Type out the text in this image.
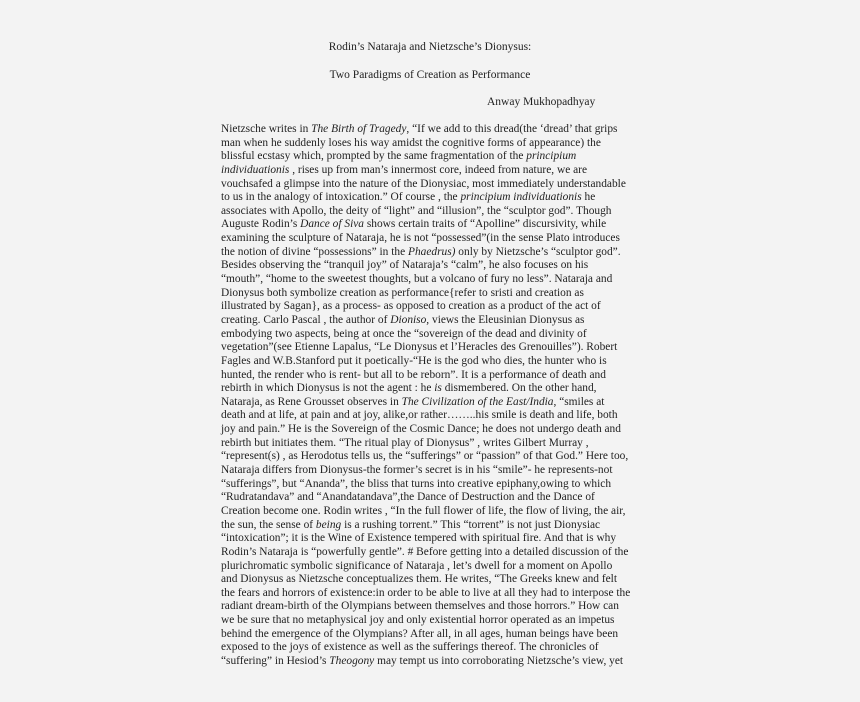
Rodin’s Nataraja and Nietzsche’s Dionysus:
Two Paradigms of Creation as Performance
Anway Mukhopadhyay
Nietzsche writes in The Birth of Tragedy, “If we add to this dread(the ‘dread’ that grips
man when he suddenly loses his way amidst the cognitive forms of appearance) the
blissful ecstasy which, prompted by the same fragmentation of the principium
individuationis , rises up from man’s innermost core, indeed from nature, we are
vouchsafed a glimpse into the nature of the Dionysiac, most immediately understandable
to us in the analogy of intoxication.” Of course , the principium individuationis he
associates with Apollo, the deity of “light” and “illusion”, the “sculptor god”. Though
Auguste Rodin’s Dance of Siva shows certain traits of “Apolline” discursivity, while
examining the sculpture of Nataraja, he is not “possessed”(in the sense Plato introduces
the notion of divine “possessions” in the Phaedrus) only by Nietzsche’s “sculptor god”.
Besides observing the “tranquil joy” of Nataraja’s “calm”, he also focuses on his
“mouth”, “home to the sweetest thoughts, but a volcano of fury no less”. Nataraja and
Dionysus both symbolize creation as performance{refer to sristi and creation as
illustrated by Sagan}, as a process- as opposed to creation as a product of the act of
creating. Carlo Pascal , the author of Dioniso, views the Eleusinian Dionysus as
embodying two aspects, being at once the “sovereign of the dead and divinity of
vegetation”(see Etienne Lapalus, “Le Dionysus et l’Heracles des Grenouilles”). Robert
Fagles and W.B.Stanford put it poetically-“He is the god who dies, the hunter who is
hunted, the render who is rent- but all to be reborn”. It is a performance of death and
rebirth in which Dionysus is not the agent : he is dismembered. On the other hand,
Nataraja, as Rene Grousset observes in The Civilization of the East/India, “smiles at
death and at life, at pain and at joy, alike,or rather……..his smile is death and life, both
joy and pain.” He is the Sovereign of the Cosmic Dance; he does not undergo death and
rebirth but initiates them. “The ritual play of Dionysus” , writes Gilbert Murray ,
“represent(s) , as Herodotus tells us, the “sufferings” or “passion” of that God.” Here too,
Nataraja differs from Dionysus-the former’s secret is in his “smile”- he represents-not
“sufferings”, but “Ananda”, the bliss that turns into creative epiphany,owing to which
“Rudratandava” and “Anandatandava”,the Dance of Destruction and the Dance of
Creation become one. Rodin writes , “In the full flower of life, the flow of living, the air,
the sun, the sense of being is a rushing torrent.” This “torrent” is not just Dionysiac
“intoxication”; it is the Wine of Existence tempered with spiritual fire. And that is why
Rodin’s Nataraja is “powerfully gentle”. # Before getting into a detailed discussion of the
plurichromatic symbolic significance of Nataraja , let’s dwell for a moment on Apollo
and Dionysus as Nietzsche conceptualizes them. He writes, “The Greeks knew and felt
the fears and horrors of existence:in order to be able to live at all they had to interpose the
radiant dream-birth of the Olympians between themselves and those horrors.” How can
we be sure that no metaphysical joy and only existential horror operated as an impetus
behind the emergence of the Olympians? After all, in all ages, human beings have been
exposed to the joys of existence as well as the sufferings thereof. The chronicles of
“suffering” in Hesiod’s Theogony may tempt us into corroborating Nietzsche’s view, yet
